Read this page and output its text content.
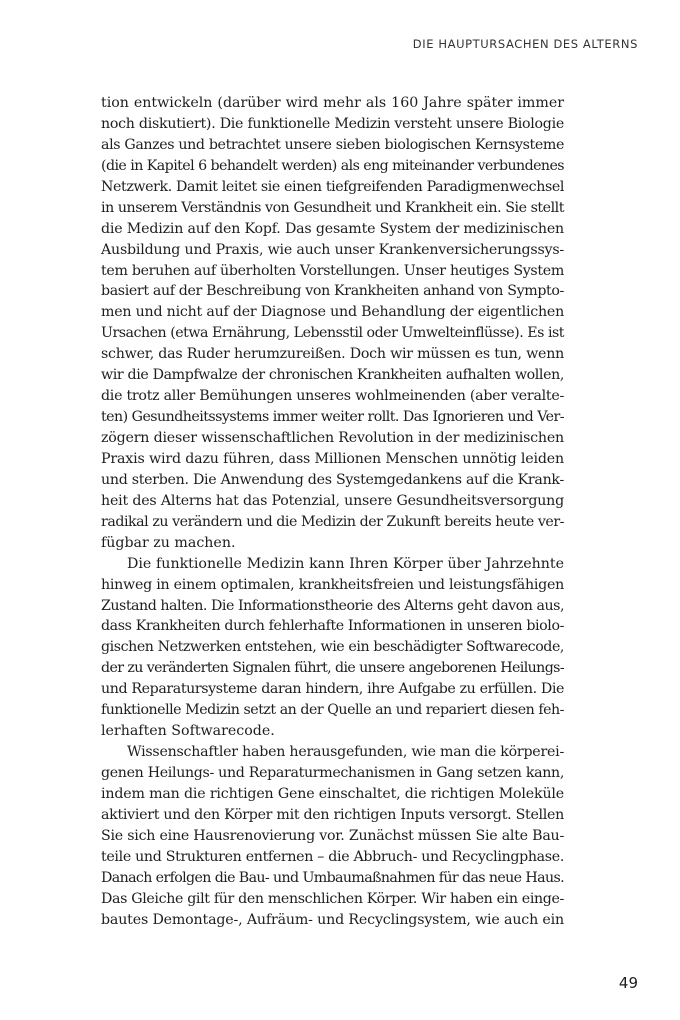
DIE HAUPTURSACHEN DES ALTERNS
tion entwickeln (darüber wird mehr als 160 Jahre später immer
noch diskutiert). Die funktionelle Medizin versteht unsere Biologie
als Ganzes und betrachtet unsere sieben biologischen Kernsysteme
(die in Kapitel 6 behandelt werden) als eng miteinander verbundenes
Netzwerk. Damit leitet sie einen tiefgreifenden Paradigmenwechsel
in unserem Verständnis von Gesundheit und Krankheit ein. Sie stellt
die Medizin auf den Kopf. Das gesamte System der medizinischen
Ausbildung und Praxis, wie auch unser Krankenversicherungssys-
tem beruhen auf überholten Vorstellungen. Unser heutiges System
basiert auf der Beschreibung von Krankheiten anhand von Sympto-
men und nicht auf der Diagnose und Behandlung der eigentlichen
Ursachen (etwa Ernährung, Lebensstil oder Umwelteinflüsse). Es ist
schwer, das Ruder herumzureißen. Doch wir müssen es tun, wenn
wir die Dampfwalze der chronischen Krankheiten aufhalten wollen,
die trotz aller Bemühungen unseres wohlmeinenden (aber veralte-
ten) Gesundheitssystems immer weiter rollt. Das Ignorieren und Ver-
zögern dieser wissenschaftlichen Revolution in der medizinischen
Praxis wird dazu führen, dass Millionen Menschen unnötig leiden
und sterben. Die Anwendung des Systemgedankens auf die Krank-
heit des Alterns hat das Potenzial, unsere Gesundheitsversorgung
radikal zu verändern und die Medizin der Zukunft bereits heute ver-
fügbar zu machen.
Die funktionelle Medizin kann Ihren Körper über Jahrzehnte
hinweg in einem optimalen, krankheitsfreien und leistungsfähigen
Zustand halten. Die Informationstheorie des Alterns geht davon aus,
dass Krankheiten durch fehlerhafte Informationen in unseren biolo-
gischen Netzwerken entstehen, wie ein beschädigter Softwarecode,
der zu veränderten Signalen führt, die unsere angeborenen Heilungs-
und Reparatursysteme daran hindern, ihre Aufgabe zu erfüllen. Die
funktionelle Medizin setzt an der Quelle an und repariert diesen feh-
lerhaften Softwarecode.
Wissenschaftler haben herausgefunden, wie man die körperei-
genen Heilungs- und Reparaturmechanismen in Gang setzen kann,
indem man die richtigen Gene einschaltet, die richtigen Moleküle
aktiviert und den Körper mit den richtigen Inputs versorgt. Stellen
Sie sich eine Hausrenovierung vor. Zunächst müssen Sie alte Bau-
teile und Strukturen entfernen – die Abbruch- und Recyclingphase.
Danach erfolgen die Bau- und Umbaumaßnahmen für das neue Haus.
Das Gleiche gilt für den menschlichen Körper. Wir haben ein einge-
bautes Demontage-, Aufräum- und Recyclingsystem, wie auch ein
49
